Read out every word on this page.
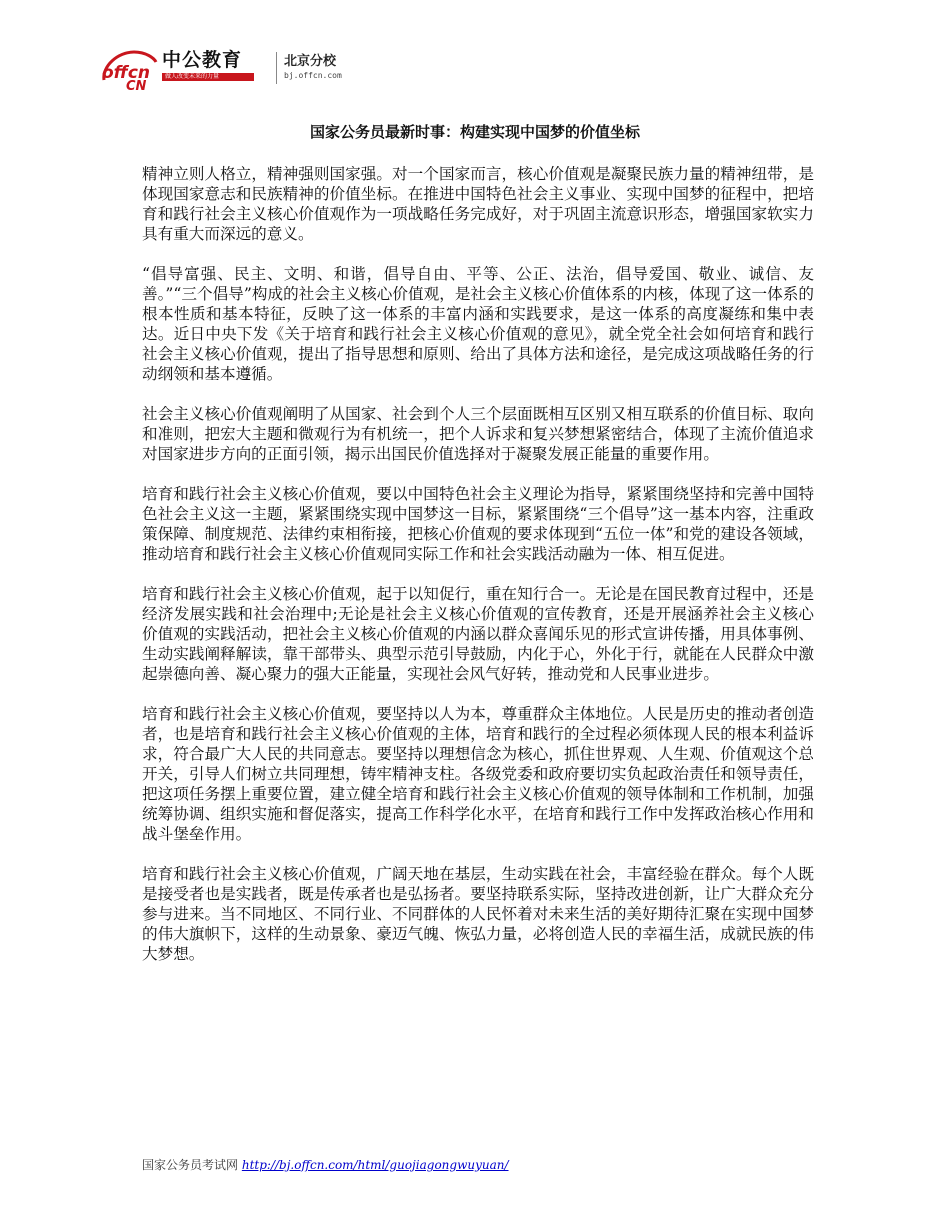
offcn
CN
中公教育
做人改变未来的力量
北京分校
bj.offcn.com
国家公务员最新时事：构建实现中国梦的价值坐标

精神立则人格立，精神强则国家强。对一个国家而言，核心价值观是凝聚民族力量的精神纽带，是体现国家意志和民族精神的价值坐标。在推进中国特色社会主义事业、实现中国梦的征程中，把培育和践行社会主义核心价值观作为一项战略任务完成好，对于巩固主流意识形态，增强国家软实力具有重大而深远的意义。

“倡导富强、民主、文明、和谐，倡导自由、平等、公正、法治，倡导爱国、敬业、诚信、友善。”“三个倡导”构成的社会主义核心价值观，是社会主义核心价值体系的内核，体现了这一体系的根本性质和基本特征，反映了这一体系的丰富内涵和实践要求，是这一体系的高度凝练和集中表达。近日中央下发《关于培育和践行社会主义核心价值观的意见》，就全党全社会如何培育和践行社会主义核心价值观，提出了指导思想和原则、给出了具体方法和途径，是完成这项战略任务的行动纲领和基本遵循。

社会主义核心价值观阐明了从国家、社会到个人三个层面既相互区别又相互联系的价值目标、取向和准则，把宏大主题和微观行为有机统一，把个人诉求和复兴梦想紧密结合，体现了主流价值追求对国家进步方向的正面引领，揭示出国民价值选择对于凝聚发展正能量的重要作用。

培育和践行社会主义核心价值观，要以中国特色社会主义理论为指导，紧紧围绕坚持和完善中国特色社会主义这一主题，紧紧围绕实现中国梦这一目标，紧紧围绕“三个倡导”这一基本内容，注重政策保障、制度规范、法律约束相衔接，把核心价值观的要求体现到“五位一体”和党的建设各领域，推动培育和践行社会主义核心价值观同实际工作和社会实践活动融为一体、相互促进。

培育和践行社会主义核心价值观，起于以知促行，重在知行合一。无论是在国民教育过程中，还是经济发展实践和社会治理中;无论是社会主义核心价值观的宣传教育，还是开展涵养社会主义核心价值观的实践活动，把社会主义核心价值观的内涵以群众喜闻乐见的形式宣讲传播，用具体事例、生动实践阐释解读，靠干部带头、典型示范引导鼓励，内化于心，外化于行，就能在人民群众中激起崇德向善、凝心聚力的强大正能量，实现社会风气好转，推动党和人民事业进步。

培育和践行社会主义核心价值观，要坚持以人为本，尊重群众主体地位。人民是历史的推动者创造者，也是培育和践行社会主义核心价值观的主体，培育和践行的全过程必须体现人民的根本利益诉求，符合最广大人民的共同意志。要坚持以理想信念为核心，抓住世界观、人生观、价值观这个总开关，引导人们树立共同理想，铸牢精神支柱。各级党委和政府要切实负起政治责任和领导责任，把这项任务摆上重要位置，建立健全培育和践行社会主义核心价值观的领导体制和工作机制，加强统筹协调、组织实施和督促落实，提高工作科学化水平，在培育和践行工作中发挥政治核心作用和战斗堡垒作用。

培育和践行社会主义核心价值观，广阔天地在基层，生动实践在社会，丰富经验在群众。每个人既是接受者也是实践者，既是传承者也是弘扬者。要坚持联系实际，坚持改进创新，让广大群众充分参与进来。当不同地区、不同行业、不同群体的人民怀着对未来生活的美好期待汇聚在实现中国梦的伟大旗帜下，这样的生动景象、豪迈气魄、恢弘力量，必将创造人民的幸福生活，成就民族的伟大梦想。

国家公务员考试网 http://bj.offcn.com/html/guojiagongwuyuan/
